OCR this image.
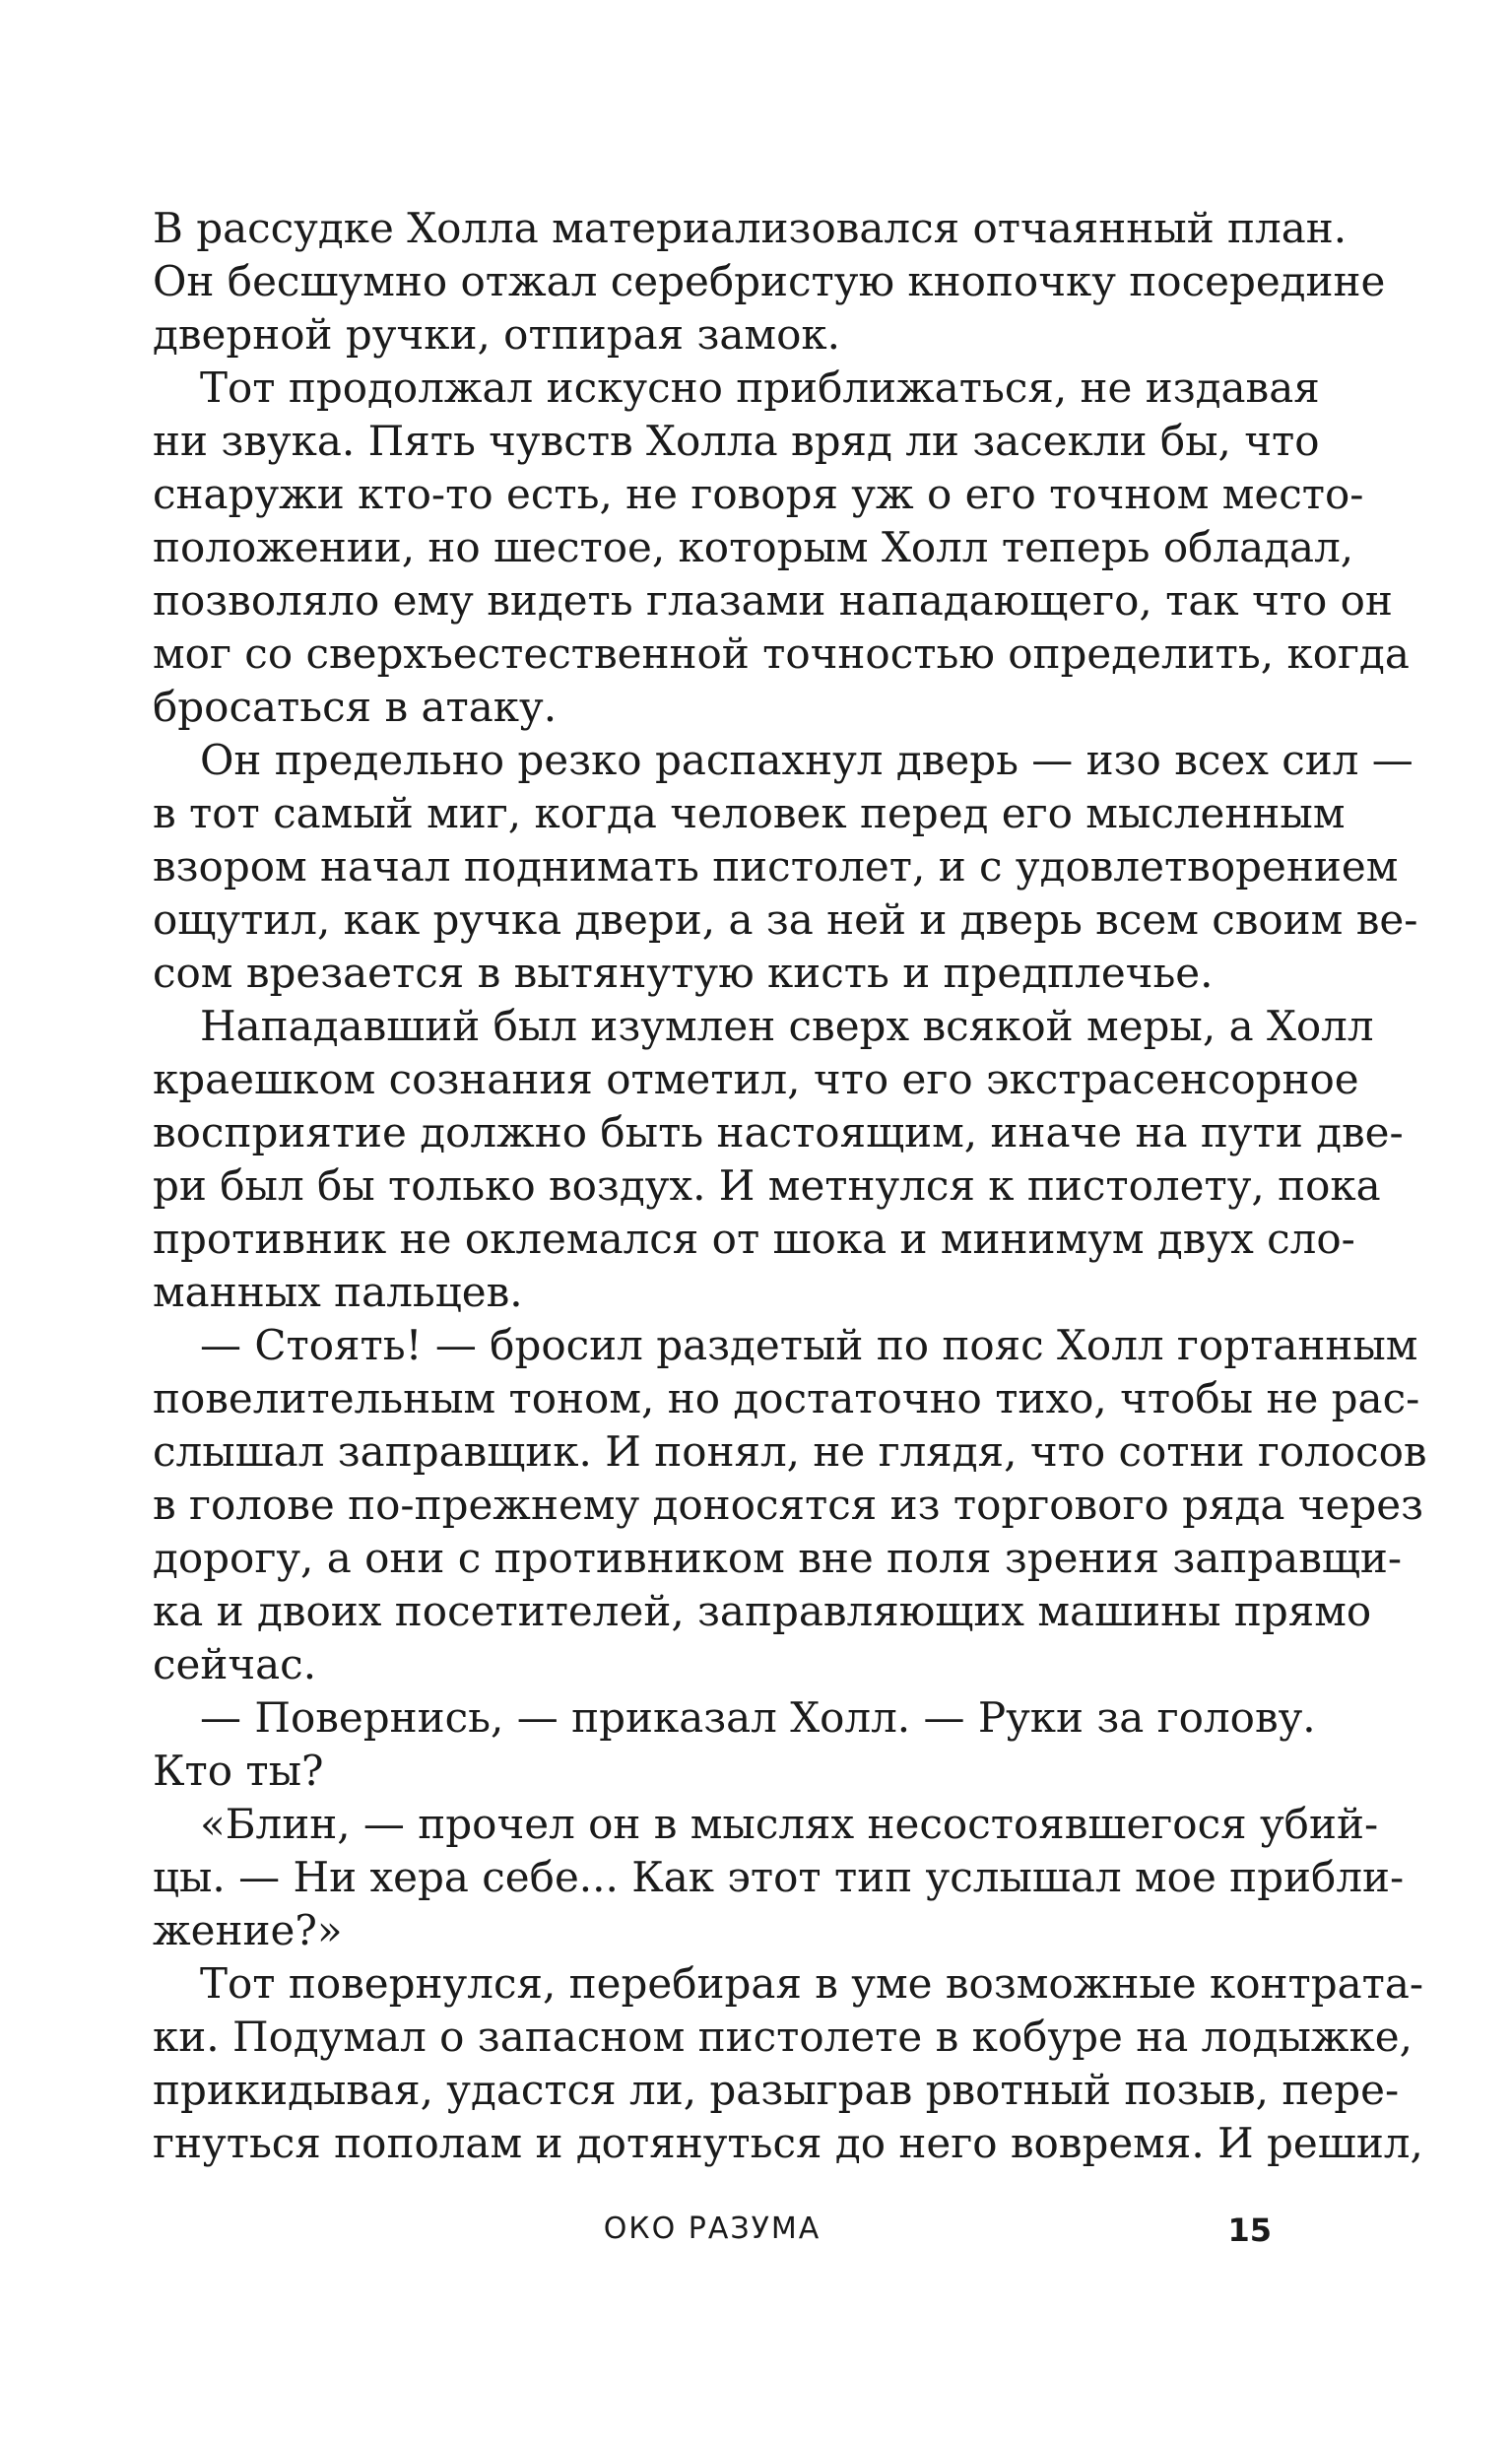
В рассудке Холла материализовался отчаянный план.
Он бесшумно отжал серебристую кнопочку посередине
дверной ручки, отпирая замок.
Тот продолжал искусно приближаться, не издавая
ни звука. Пять чувств Холла вряд ли засекли бы, что
снаружи кто-то есть, не говоря уж о его точном место-
положении, но шестое, которым Холл теперь обладал,
позволяло ему видеть глазами нападающего, так что он
мог со сверхъестественной точностью определить, когда
бросаться в атаку.
Он предельно резко распахнул дверь — изо всех сил —
в тот самый миг, когда человек перед его мысленным
взором начал поднимать пистолет, и с удовлетворением
ощутил, как ручка двери, а за ней и дверь всем своим ве-
сом врезается в вытянутую кисть и предплечье.
Нападавший был изумлен сверх всякой меры, а Холл
краешком сознания отметил, что его экстрасенсорное
восприятие должно быть настоящим, иначе на пути две-
ри был бы только воздух. И метнулся к пистолету, пока
противник не оклемался от шока и минимум двух сло-
манных пальцев.
— Стоять! — бросил раздетый по пояс Холл гортанным
повелительным тоном, но достаточно тихо, чтобы не рас-
слышал заправщик. И понял, не глядя, что сотни голосов
в голове по-прежнему доносятся из торгового ряда через
дорогу, а они с противником вне поля зрения заправщи-
ка и двоих посетителей, заправляющих машины прямо
сейчас.
— Повернись, — приказал Холл. — Руки за голову.
Кто ты?
«Блин, — прочел он в мыслях несостоявшегося убий-
цы. — Ни хера себе... Как этот тип услышал мое прибли-
жение?»
Тот повернулся, перебирая в уме возможные контрата-
ки. Подумал о запасном пистолете в кобуре на лодыжке,
прикидывая, удастся ли, разыграв рвотный позыв, пере-
гнуться пополам и дотянуться до него вовремя. И решил,
ОКО РАЗУМА	15
